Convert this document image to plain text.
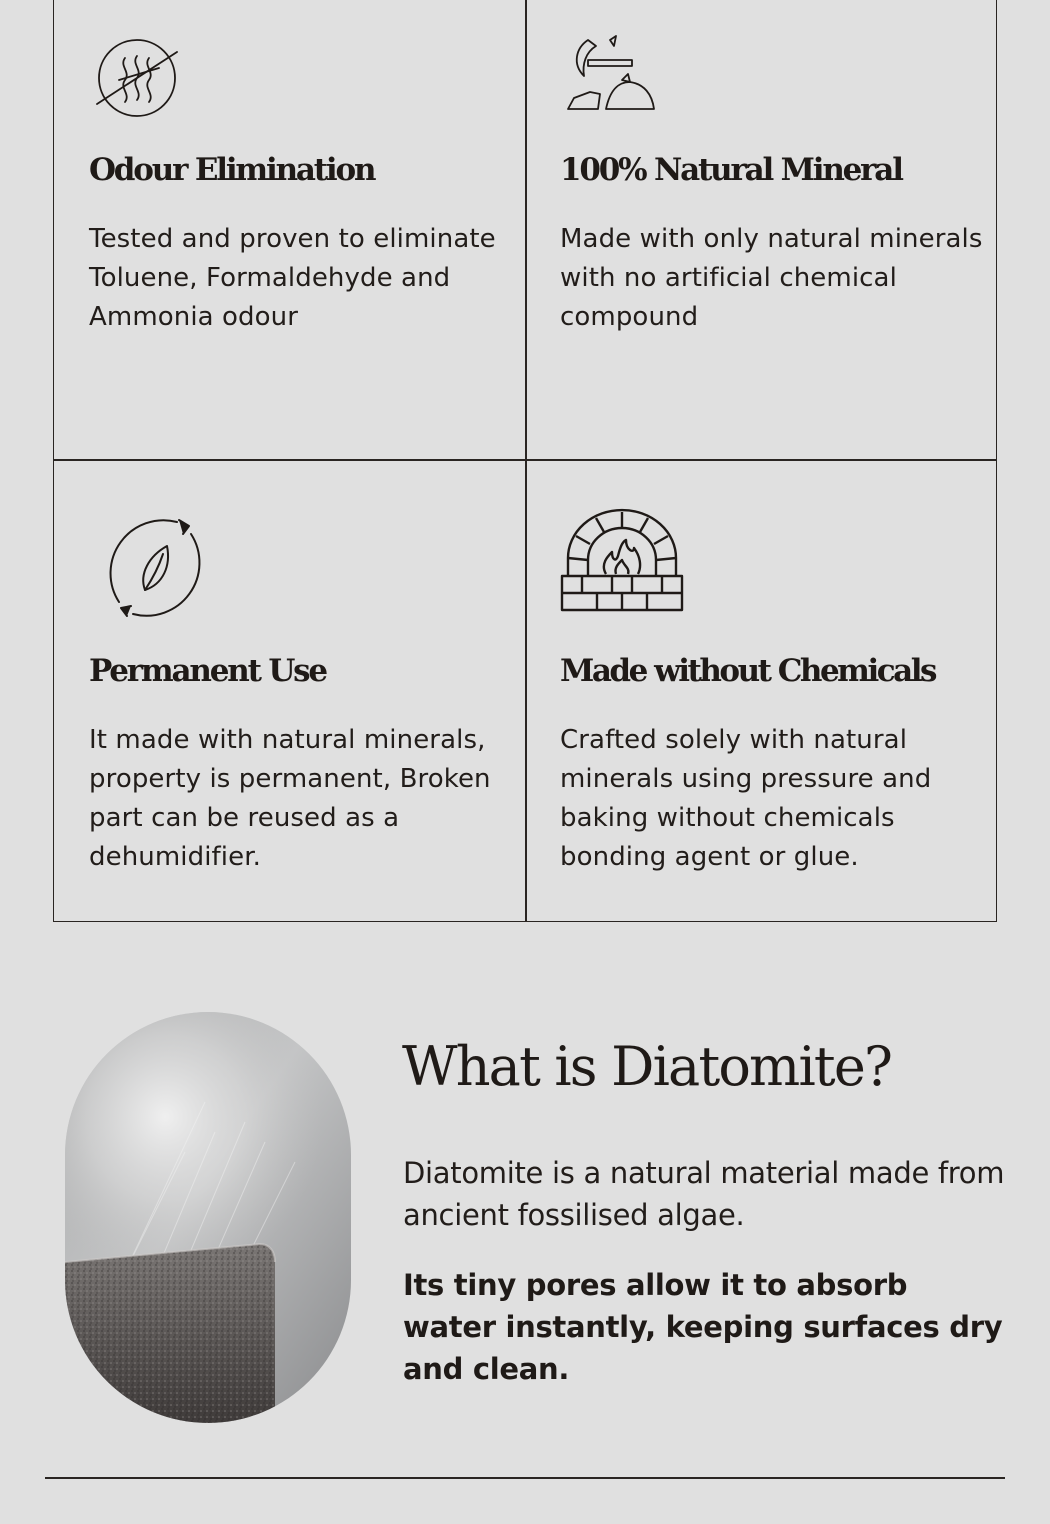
Odour Elimination
Tested and proven to eliminate Toluene, Formaldehyde and Ammonia odour
100% Natural Mineral
Made with only natural minerals with no artificial chemical compound
Permanent Use
It made with natural minerals, property is permanent, Broken part can be reused as a dehumidifier.
Made without Chemicals
Crafted solely with natural minerals using pressure and baking without chemicals bonding agent or glue.
What is Diatomite?
Diatomite is a natural material made from ancient fossilised algae.
Its tiny pores allow it to absorb water instantly, keeping surfaces dry and clean.
